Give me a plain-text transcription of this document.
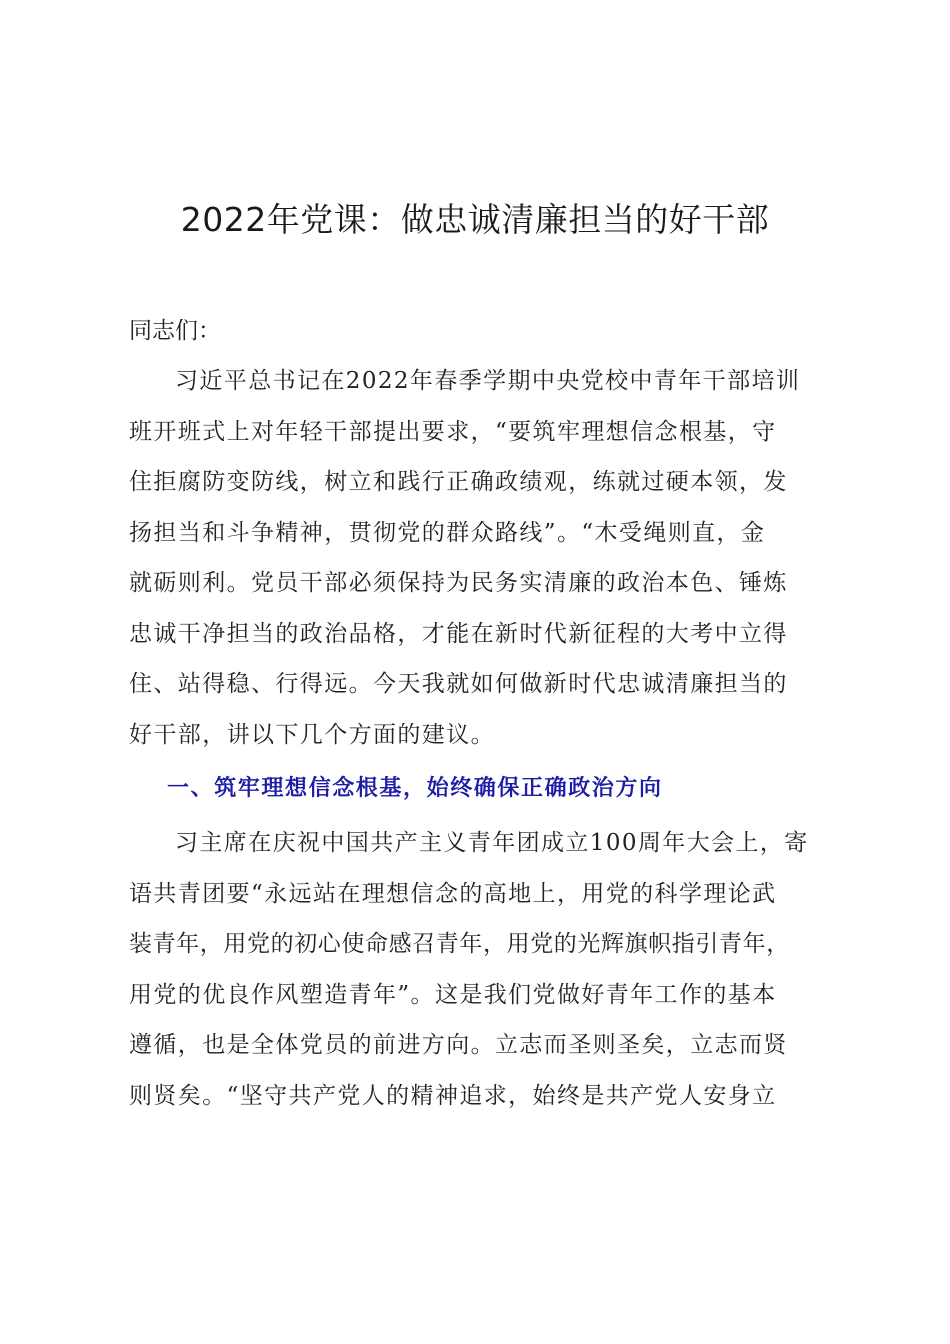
2022年党课：做忠诚清廉担当的好干部
同志们：
习近平总书记在2022年春季学期中央党校中青年干部培训
班开班式上对年轻干部提出要求，“要筑牢理想信念根基，守
住拒腐防变防线，树立和践行正确政绩观，练就过硬本领，发
扬担当和斗争精神，贯彻党的群众路线”。“木受绳则直，金
就砺则利。党员干部必须保持为民务实清廉的政治本色、锤炼
忠诚干净担当的政治品格，才能在新时代新征程的大考中立得
住、站得稳、行得远。今天我就如何做新时代忠诚清廉担当的
好干部，讲以下几个方面的建议。
一、筑牢理想信念根基，始终确保正确政治方向
习主席在庆祝中国共产主义青年团成立100周年大会上，寄
语共青团要“永远站在理想信念的高地上，用党的科学理论武
装青年，用党的初心使命感召青年，用党的光辉旗帜指引青年，
用党的优良作风塑造青年”。这是我们党做好青年工作的基本
遵循，也是全体党员的前进方向。立志而圣则圣矣，立志而贤
则贤矣。“坚守共产党人的精神追求，始终是共产党人安身立
